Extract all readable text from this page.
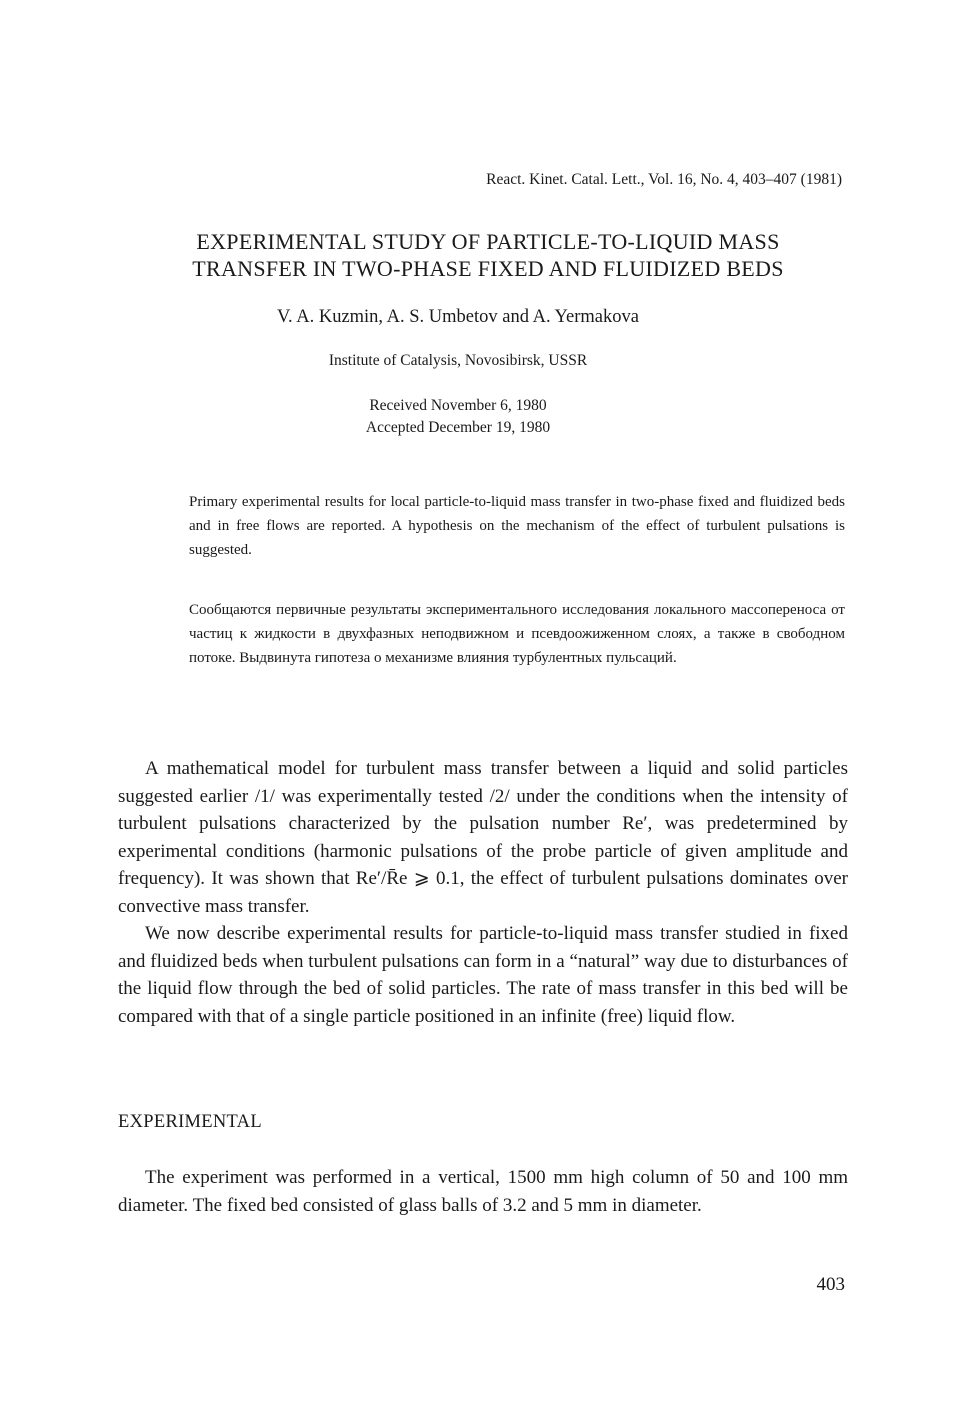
React. Kinet. Catal. Lett., Vol. 16, No. 4, 403–407 (1981)
EXPERIMENTAL STUDY OF PARTICLE-TO-LIQUID MASS
TRANSFER IN TWO-PHASE FIXED AND FLUIDIZED BEDS
V. A. Kuzmin, A. S. Umbetov and A. Yermakova
Institute of Catalysis, Novosibirsk, USSR
Received November 6, 1980
Accepted December 19, 1980
Primary experimental results for local particle-to-liquid mass transfer in two-phase fixed and fluidized beds and in free flows are reported. A hypothesis on the mechanism of the effect of turbulent pulsations is suggested.
Сообщаются первичные результаты экспериментального исследования локального массопереноса от частиц к жидкости в двухфазных неподвижном и псевдоожиженном слоях, а также в свободном потоке. Выдвинута гипотеза о механизме влияния турбулентных пульсаций.

A mathematical model for turbulent mass transfer between a liquid and solid particles suggested earlier /1/ was experimentally tested /2/ under the conditions when the intensity of turbulent pulsations characterized by the pulsation number Re′, was predetermined by experimental conditions (harmonic pulsations of the probe particle of given amplitude and frequency). It was shown that Re′/R̄e ⩾ 0.1, the effect of turbulent pulsations dominates over convective mass transfer.

We now describe experimental results for particle-to-liquid mass transfer studied in fixed and fluidized beds when turbulent pulsations can form in a “natural” way due to disturbances of the liquid flow through the bed of solid particles. The rate of mass transfer in this bed will be compared with that of a single particle positioned in an infinite (free) liquid flow.

EXPERIMENTAL

The experiment was performed in a vertical, 1500 mm high column of 50 and 100 mm diameter. The fixed bed consisted of glass balls of 3.2 and 5 mm in diameter.

403
